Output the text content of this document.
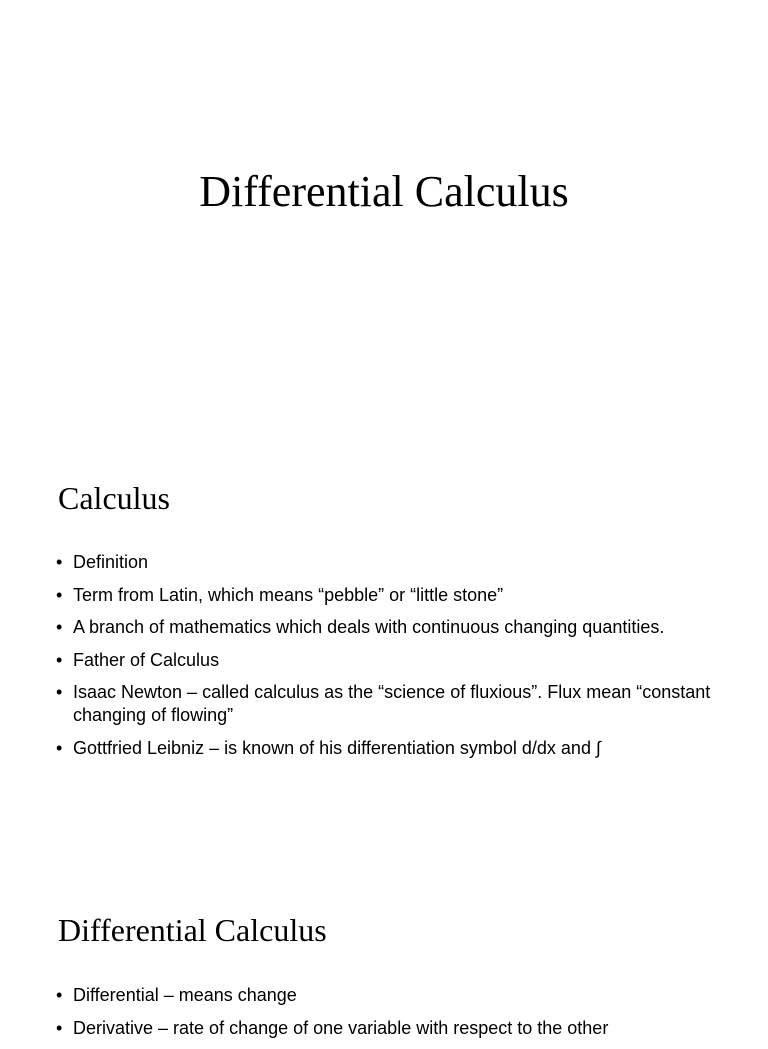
Differential Calculus
Calculus
• Definition
• Term from Latin, which means “pebble” or “little stone”
• A branch of mathematics which deals with continuous changing quantities.
• Father of Calculus
• Isaac Newton – called calculus as the “science of fluxious”. Flux mean “constant changing of flowing”
• Gottfried Leibniz – is known of his differentiation symbol d/dx and ∫
Differential Calculus
• Differential – means change
• Derivative – rate of change of one variable with respect to the other
